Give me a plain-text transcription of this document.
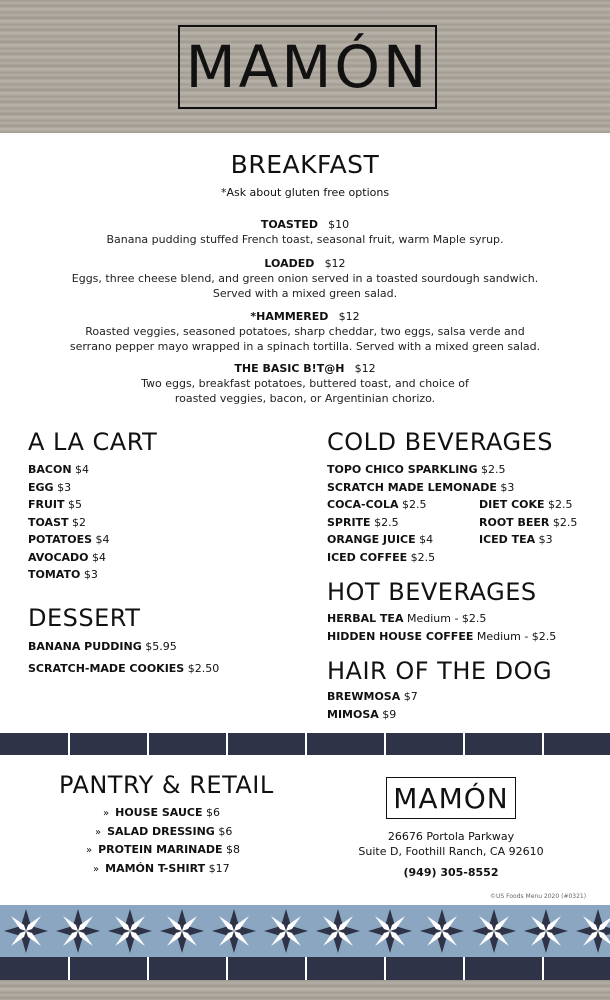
MAMÓN
BREAKFAST
*Ask about gluten free options
TOASTED $10
Banana pudding stuffed French toast, seasonal fruit, warm Maple syrup.
LOADED $12
Eggs, three cheese blend, and green onion served in a toasted sourdough sandwich.
Served with a mixed green salad.
*HAMMERED $12
Roasted veggies, seasoned potatoes, sharp cheddar, two eggs, salsa verde and
serrano pepper mayo wrapped in a spinach tortilla. Served with a mixed green salad.
THE BASIC B!T@H $12
Two eggs, breakfast potatoes, buttered toast, and choice of
roasted veggies, bacon, or Argentinian chorizo.
A LA CART
BACON $4
EGG $3
FRUIT $5
TOAST $2
POTATOES $4
AVOCADO $4
TOMATO $3
DESSERT
BANANA PUDDING $5.95
SCRATCH-MADE COOKIES $2.50
COLD BEVERAGES
TOPO CHICO SPARKLING $2.5
SCRATCH MADE LEMONADE $3
COCA-COLA $2.5
SPRITE $2.5
ORANGE JUICE $4
ICED COFFEE $2.5
DIET COKE $2.5
ROOT BEER $2.5
ICED TEA $3
HOT BEVERAGES
HERBAL TEA Medium - $2.5
HIDDEN HOUSE COFFEE Medium - $2.5
HAIR OF THE DOG
BREWMOSA $7
MIMOSA $9
PANTRY & RETAIL
» HOUSE SAUCE $6
» SALAD DRESSING $6
» PROTEIN MARINADE $8
» MAMÓN T-SHIRT $17
MAMÓN
26676 Portola Parkway
Suite D, Foothill Ranch, CA 92610
(949) 305-8552
©US Foods Menu 2020 (#0321)
